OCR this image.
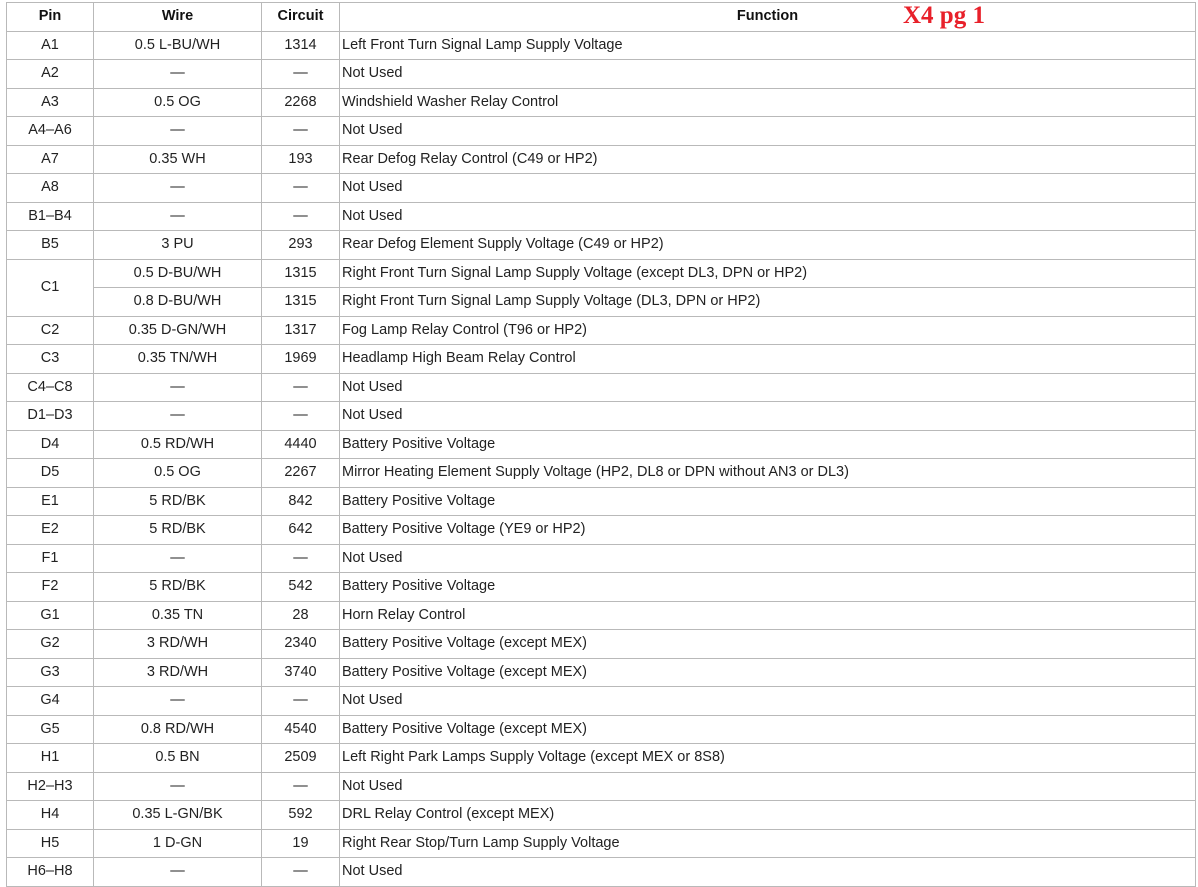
Pin	Wire	Circuit	Function
A1	0.5 L-BU/WH	1314	Left Front Turn Signal Lamp Supply Voltage
A2	—	—	Not Used
A3	0.5 OG	2268	Windshield Washer Relay Control
A4–A6	—	—	Not Used
A7	0.35 WH	193	Rear Defog Relay Control (C49 or HP2)
A8	—	—	Not Used
B1–B4	—	—	Not Used
B5	3 PU	293	Rear Defog Element Supply Voltage (C49 or HP2)
C1	0.5 D-BU/WH	1315	Right Front Turn Signal Lamp Supply Voltage (except DL3, DPN or HP2)
	0.8 D-BU/WH	1315	Right Front Turn Signal Lamp Supply Voltage (DL3, DPN or HP2)
C2	0.35 D-GN/WH	1317	Fog Lamp Relay Control (T96 or HP2)
C3	0.35 TN/WH	1969	Headlamp High Beam Relay Control
C4–C8	—	—	Not Used
D1–D3	—	—	Not Used
D4	0.5 RD/WH	4440	Battery Positive Voltage
D5	0.5 OG	2267	Mirror Heating Element Supply Voltage (HP2, DL8 or DPN without AN3 or DL3)
E1	5 RD/BK	842	Battery Positive Voltage
E2	5 RD/BK	642	Battery Positive Voltage (YE9 or HP2)
F1	—	—	Not Used
F2	5 RD/BK	542	Battery Positive Voltage
G1	0.35 TN	28	Horn Relay Control
G2	3 RD/WH	2340	Battery Positive Voltage (except MEX)
G3	3 RD/WH	3740	Battery Positive Voltage (except MEX)
G4	—	—	Not Used
G5	0.8 RD/WH	4540	Battery Positive Voltage (except MEX)
H1	0.5 BN	2509	Left Right Park Lamps Supply Voltage (except MEX or 8S8)
H2–H3	—	—	Not Used
H4	0.35 L-GN/BK	592	DRL Relay Control (except MEX)
H5	1 D-GN	19	Right Rear Stop/Turn Lamp Supply Voltage
H6–H8	—	—	Not Used
X4 pg 1
